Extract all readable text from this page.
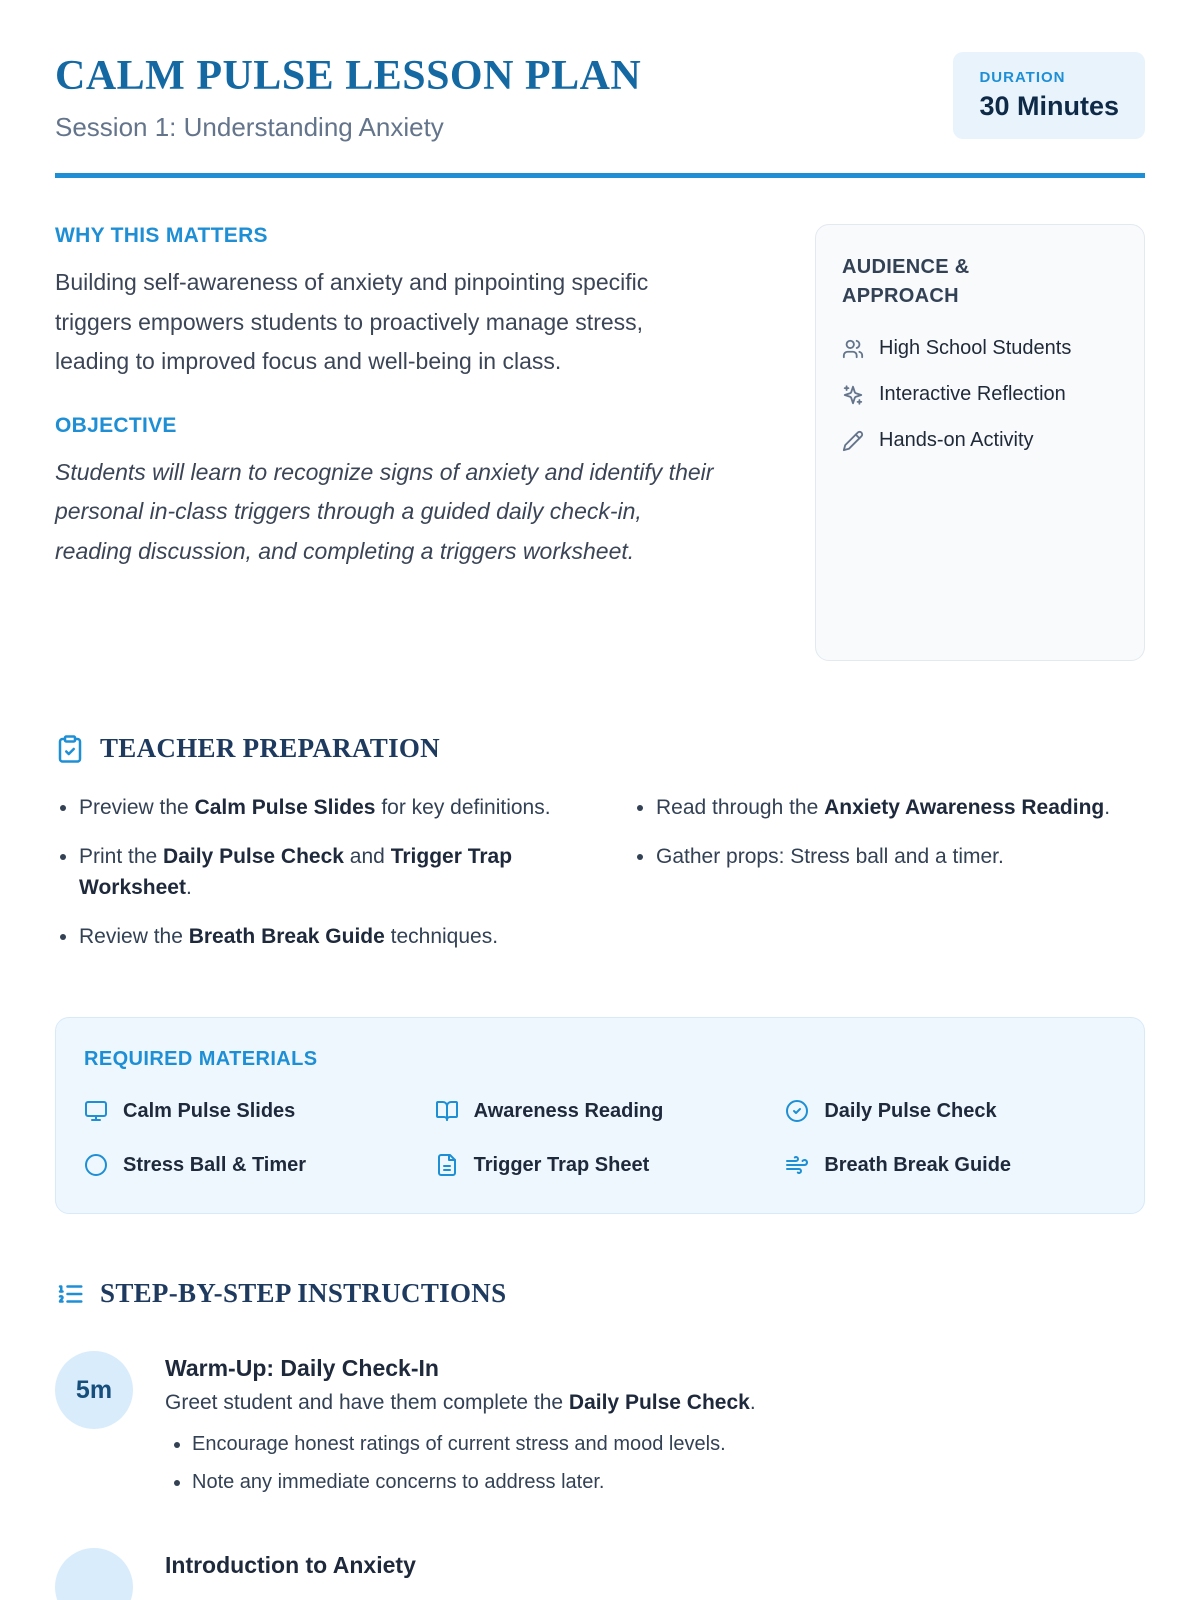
CALM PULSE LESSON PLAN

Session 1: Understanding Anxiety

DURATION
30 Minutes
WHY THIS MATTERS

Building self-awareness of anxiety and pinpointing specific triggers empowers students to proactively manage stress, leading to improved focus and well-being in class.

OBJECTIVE

Students will learn to recognize signs of anxiety and identify their personal in-class triggers through a guided daily check-in, reading discussion, and completing a triggers worksheet.

AUDIENCE & APPROACH
High School Students
Interactive Reflection
Hands-on Activity
TEACHER PREPARATION
• Preview the Calm Pulse Slides for key definitions.
• Print the Daily Pulse Check and Trigger Trap Worksheet.
• Review the Breath Break Guide techniques.
• Read through the Anxiety Awareness Reading.
• Gather props: Stress ball and a timer.
REQUIRED MATERIALS
Calm Pulse Slides	Awareness Reading	Daily Pulse Check
Stress Ball & Timer	Trigger Trap Sheet	Breath Break Guide
STEP-BY-STEP INSTRUCTIONS
5m
Warm-Up: Daily Check-In

Greet student and have them complete the Daily Pulse Check.

• Encourage honest ratings of current stress and mood levels.
• Note any immediate concerns to address later.
Introduction to Anxiety
